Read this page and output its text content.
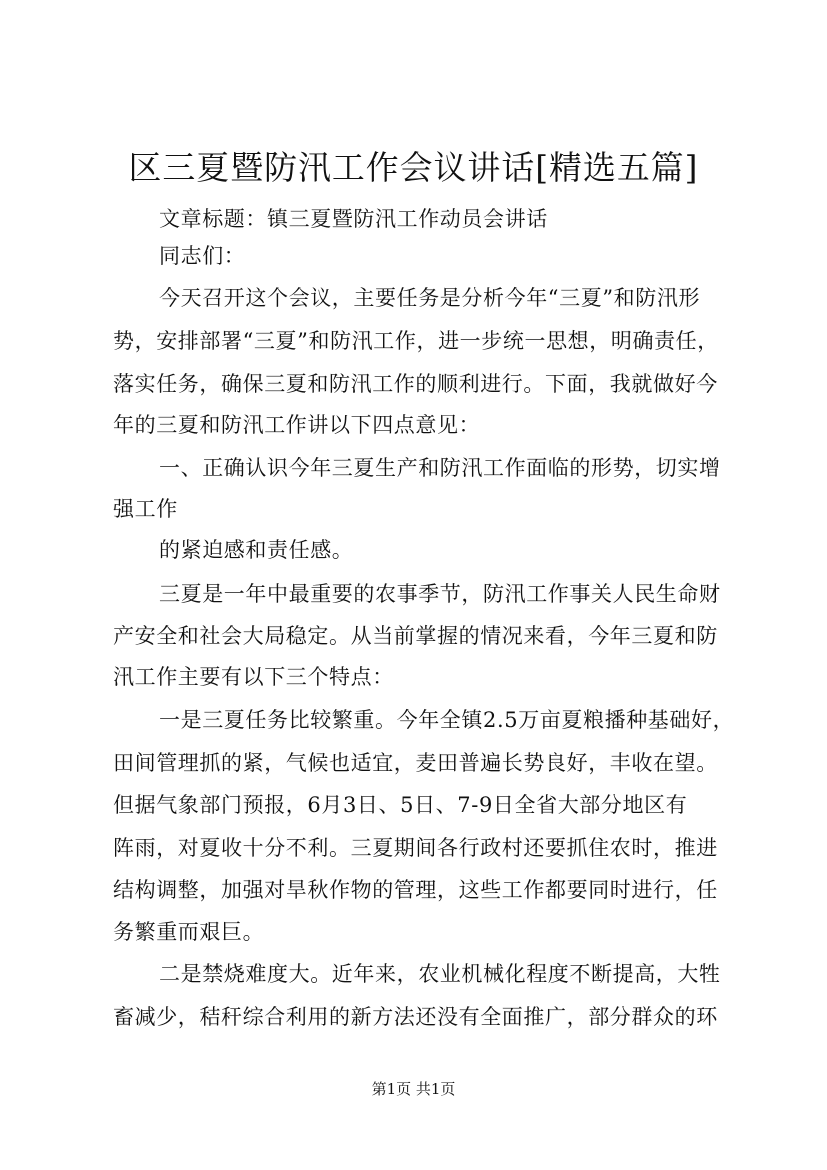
区三夏暨防汛工作会议讲话[精选五篇]
文章标题：镇三夏暨防汛工作动员会讲话
同志们：
今天召开这个会议，主要任务是分析今年“三夏”和防汛形
势，安排部署“三夏”和防汛工作，进一步统一思想，明确责任，
落实任务，确保三夏和防汛工作的顺利进行。下面，我就做好今
年的三夏和防汛工作讲以下四点意见：
一、正确认识今年三夏生产和防汛工作面临的形势，切实增
强工作
的紧迫感和责任感。
三夏是一年中最重要的农事季节，防汛工作事关人民生命财
产安全和社会大局稳定。从当前掌握的情况来看，今年三夏和防
汛工作主要有以下三个特点：
一是三夏任务比较繁重。今年全镇2.5万亩夏粮播种基础好，
田间管理抓的紧，气候也适宜，麦田普遍长势良好，丰收在望。
但据气象部门预报，6月3日、5日、7-9日全省大部分地区有
阵雨，对夏收十分不利。三夏期间各行政村还要抓住农时，推进
结构调整，加强对旱秋作物的管理，这些工作都要同时进行，任
务繁重而艰巨。
二是禁烧难度大。近年来，农业机械化程度不断提高，大牲
畜减少，秸秆综合利用的新方法还没有全面推广，部分群众的环
第1页 共1页
